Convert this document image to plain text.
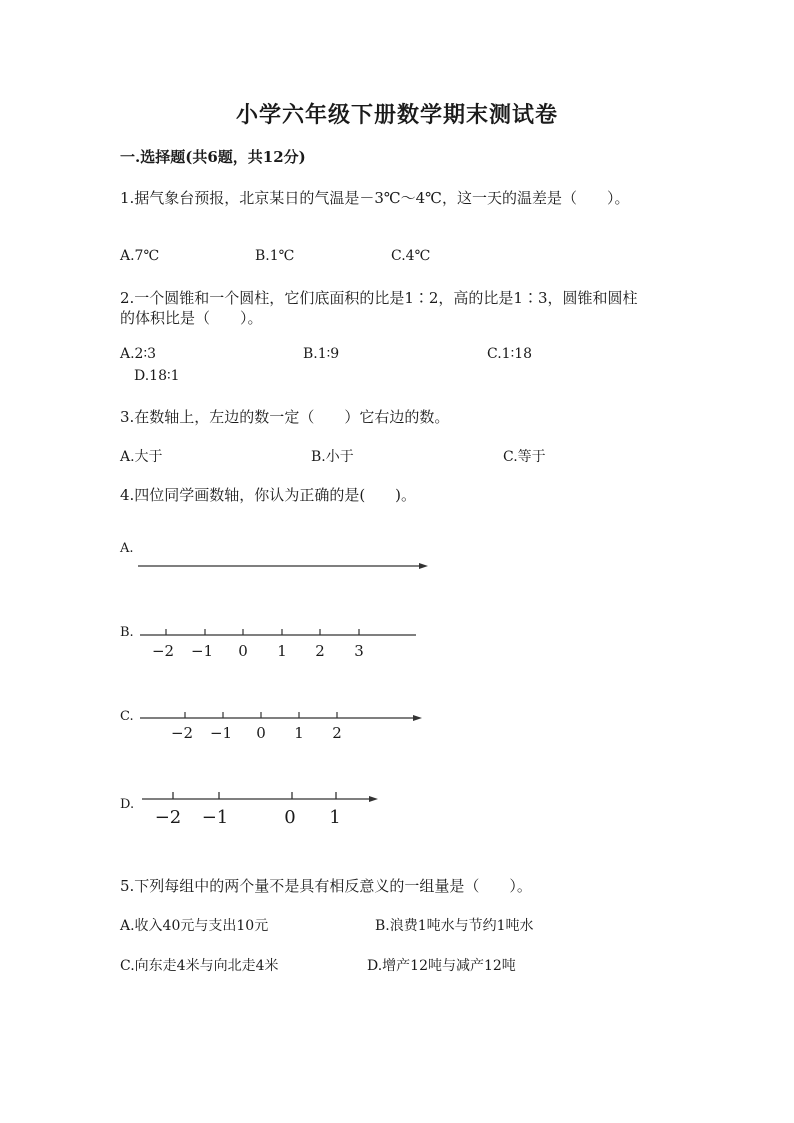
小学六年级下册数学期末测试卷
一.选择题(共6题，共12分)
1.据气象台预报，北京某日的气温是－3℃～4℃，这一天的温差是（　　）。
A.7℃	B.1℃	C.4℃
2.一个圆锥和一个圆柱，它们底面积的比是1∶2，高的比是1∶3，圆锥和圆柱
的体积比是（　　）。
A.2∶3	B.1∶9	C.1∶18
D.18∶1
3.在数轴上，左边的数一定（　　）它右边的数。
A.大于	B.小于	C.等于
4.四位同学画数轴，你认为正确的是(　　)。
A.
B.
−2 −1 0 1 2 3
C.
−2 −1 0 1 2
D.
−2 −1	0 1
5.下列每组中的两个量不是具有相反意义的一组量是（　　）。
A.收入40元与支出10元	B.浪费1吨水与节约1吨水
C.向东走4米与向北走4米	D.增产12吨与减产12吨
